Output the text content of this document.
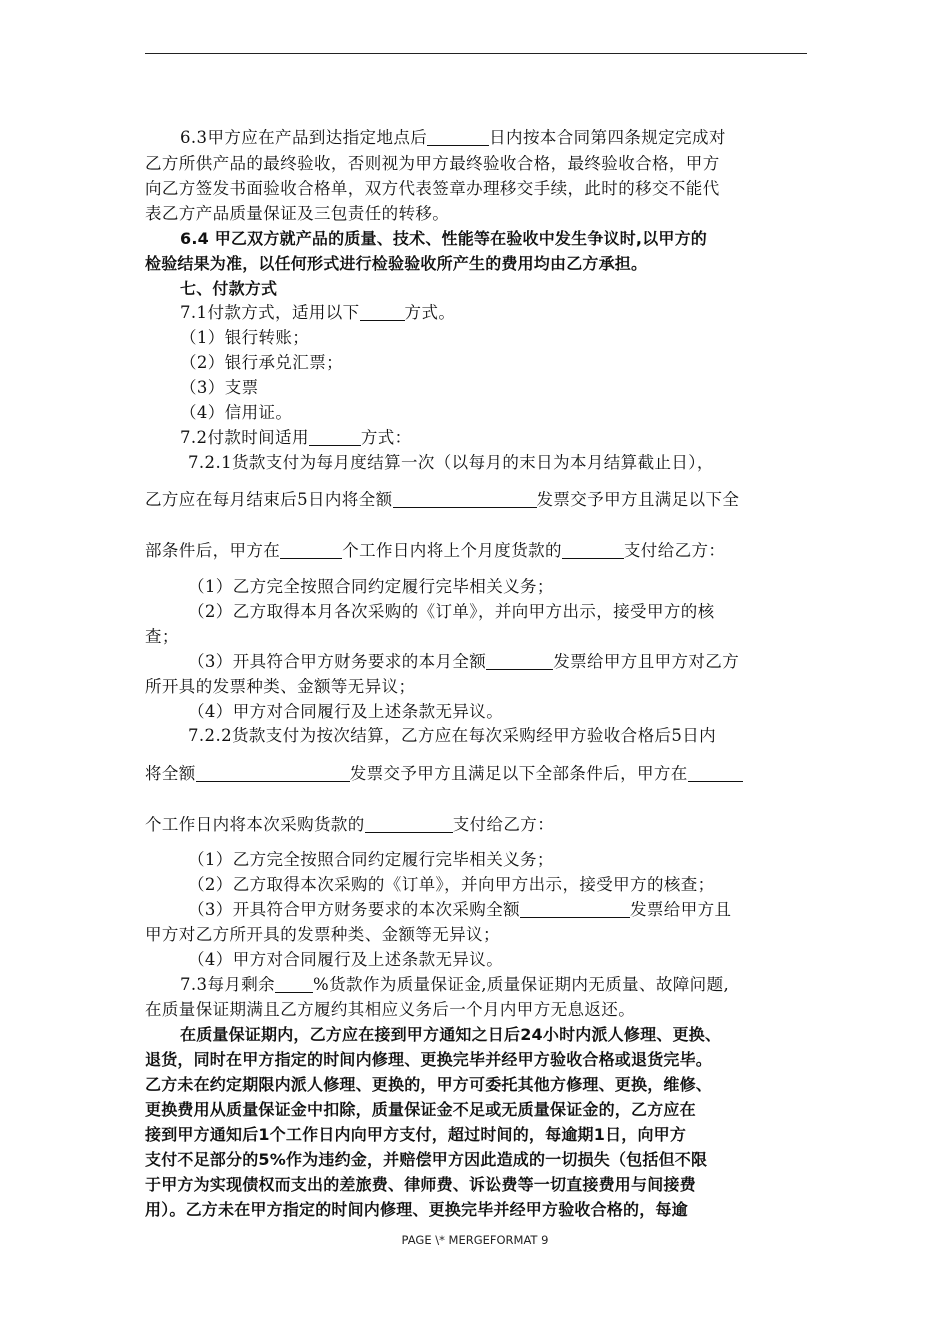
6.3甲方应在产品到达指定地点后	日内按本合同第四条规定完成对
乙方所供产品的最终验收，否则视为甲方最终验收合格，最终验收合格，甲方
向乙方签发书面验收合格单，双方代表签章办理移交手续，此时的移交不能代
表乙方产品质量保证及三包责任的转移。
6.4 甲乙双方就产品的质量、技术、性能等在验收中发生争议时,以甲方的
检验结果为准，以任何形式进行检验验收所产生的费用均由乙方承担。
七、付款方式
7.1付款方式，适用以下	方式。
（1）银行转账；
（2）银行承兑汇票；
（3）支票
（4）信用证。
7.2付款时间适用	方式：
7.2.1货款支付为每月度结算一次（以每月的末日为本月结算截止日），
乙方应在每月结束后5日内将全额	发票交予甲方且满足以下全
部条件后，甲方在	个工作日内将上个月度货款的	支付给乙方：
（1）乙方完全按照合同约定履行完毕相关义务；
（2）乙方取得本月各次采购的《订单》，并向甲方出示，接受甲方的核
查；
（3）开具符合甲方财务要求的本月全额	发票给甲方且甲方对乙方
所开具的发票种类、金额等无异议；
（4）甲方对合同履行及上述条款无异议。
7.2.2货款支付为按次结算，乙方应在每次采购经甲方验收合格后5日内
将全额	发票交予甲方且满足以下全部条件后，甲方在
个工作日内将本次采购货款的	支付给乙方：
（1）乙方完全按照合同约定履行完毕相关义务；
（2）乙方取得本次采购的《订单》，并向甲方出示，接受甲方的核查；
（3）开具符合甲方财务要求的本次采购全额	发票给甲方且
甲方对乙方所开具的发票种类、金额等无异议；
（4）甲方对合同履行及上述条款无异议。
7.3每月剩余 %货款作为质量保证金,质量保证期内无质量、故障问题,
在质量保证期满且乙方履约其相应义务后一个月内甲方无息返还。
在质量保证期内，乙方应在接到甲方通知之日后24小时内派人修理、更换、
退货，同时在甲方指定的时间内修理、更换完毕并经甲方验收合格或退货完毕。
乙方未在约定期限内派人修理、更换的，甲方可委托其他方修理、更换，维修、
更换费用从质量保证金中扣除，质量保证金不足或无质量保证金的，乙方应在
接到甲方通知后1个工作日内向甲方支付，超过时间的，每逾期1日，向甲方
支付不足部分的5%作为违约金，并赔偿甲方因此造成的一切损失（包括但不限
于甲方为实现债权而支出的差旅费、律师费、诉讼费等一切直接费用与间接费
用）。乙方未在甲方指定的时间内修理、更换完毕并经甲方验收合格的，每逾
PAGE \* MERGEFORMAT 9
